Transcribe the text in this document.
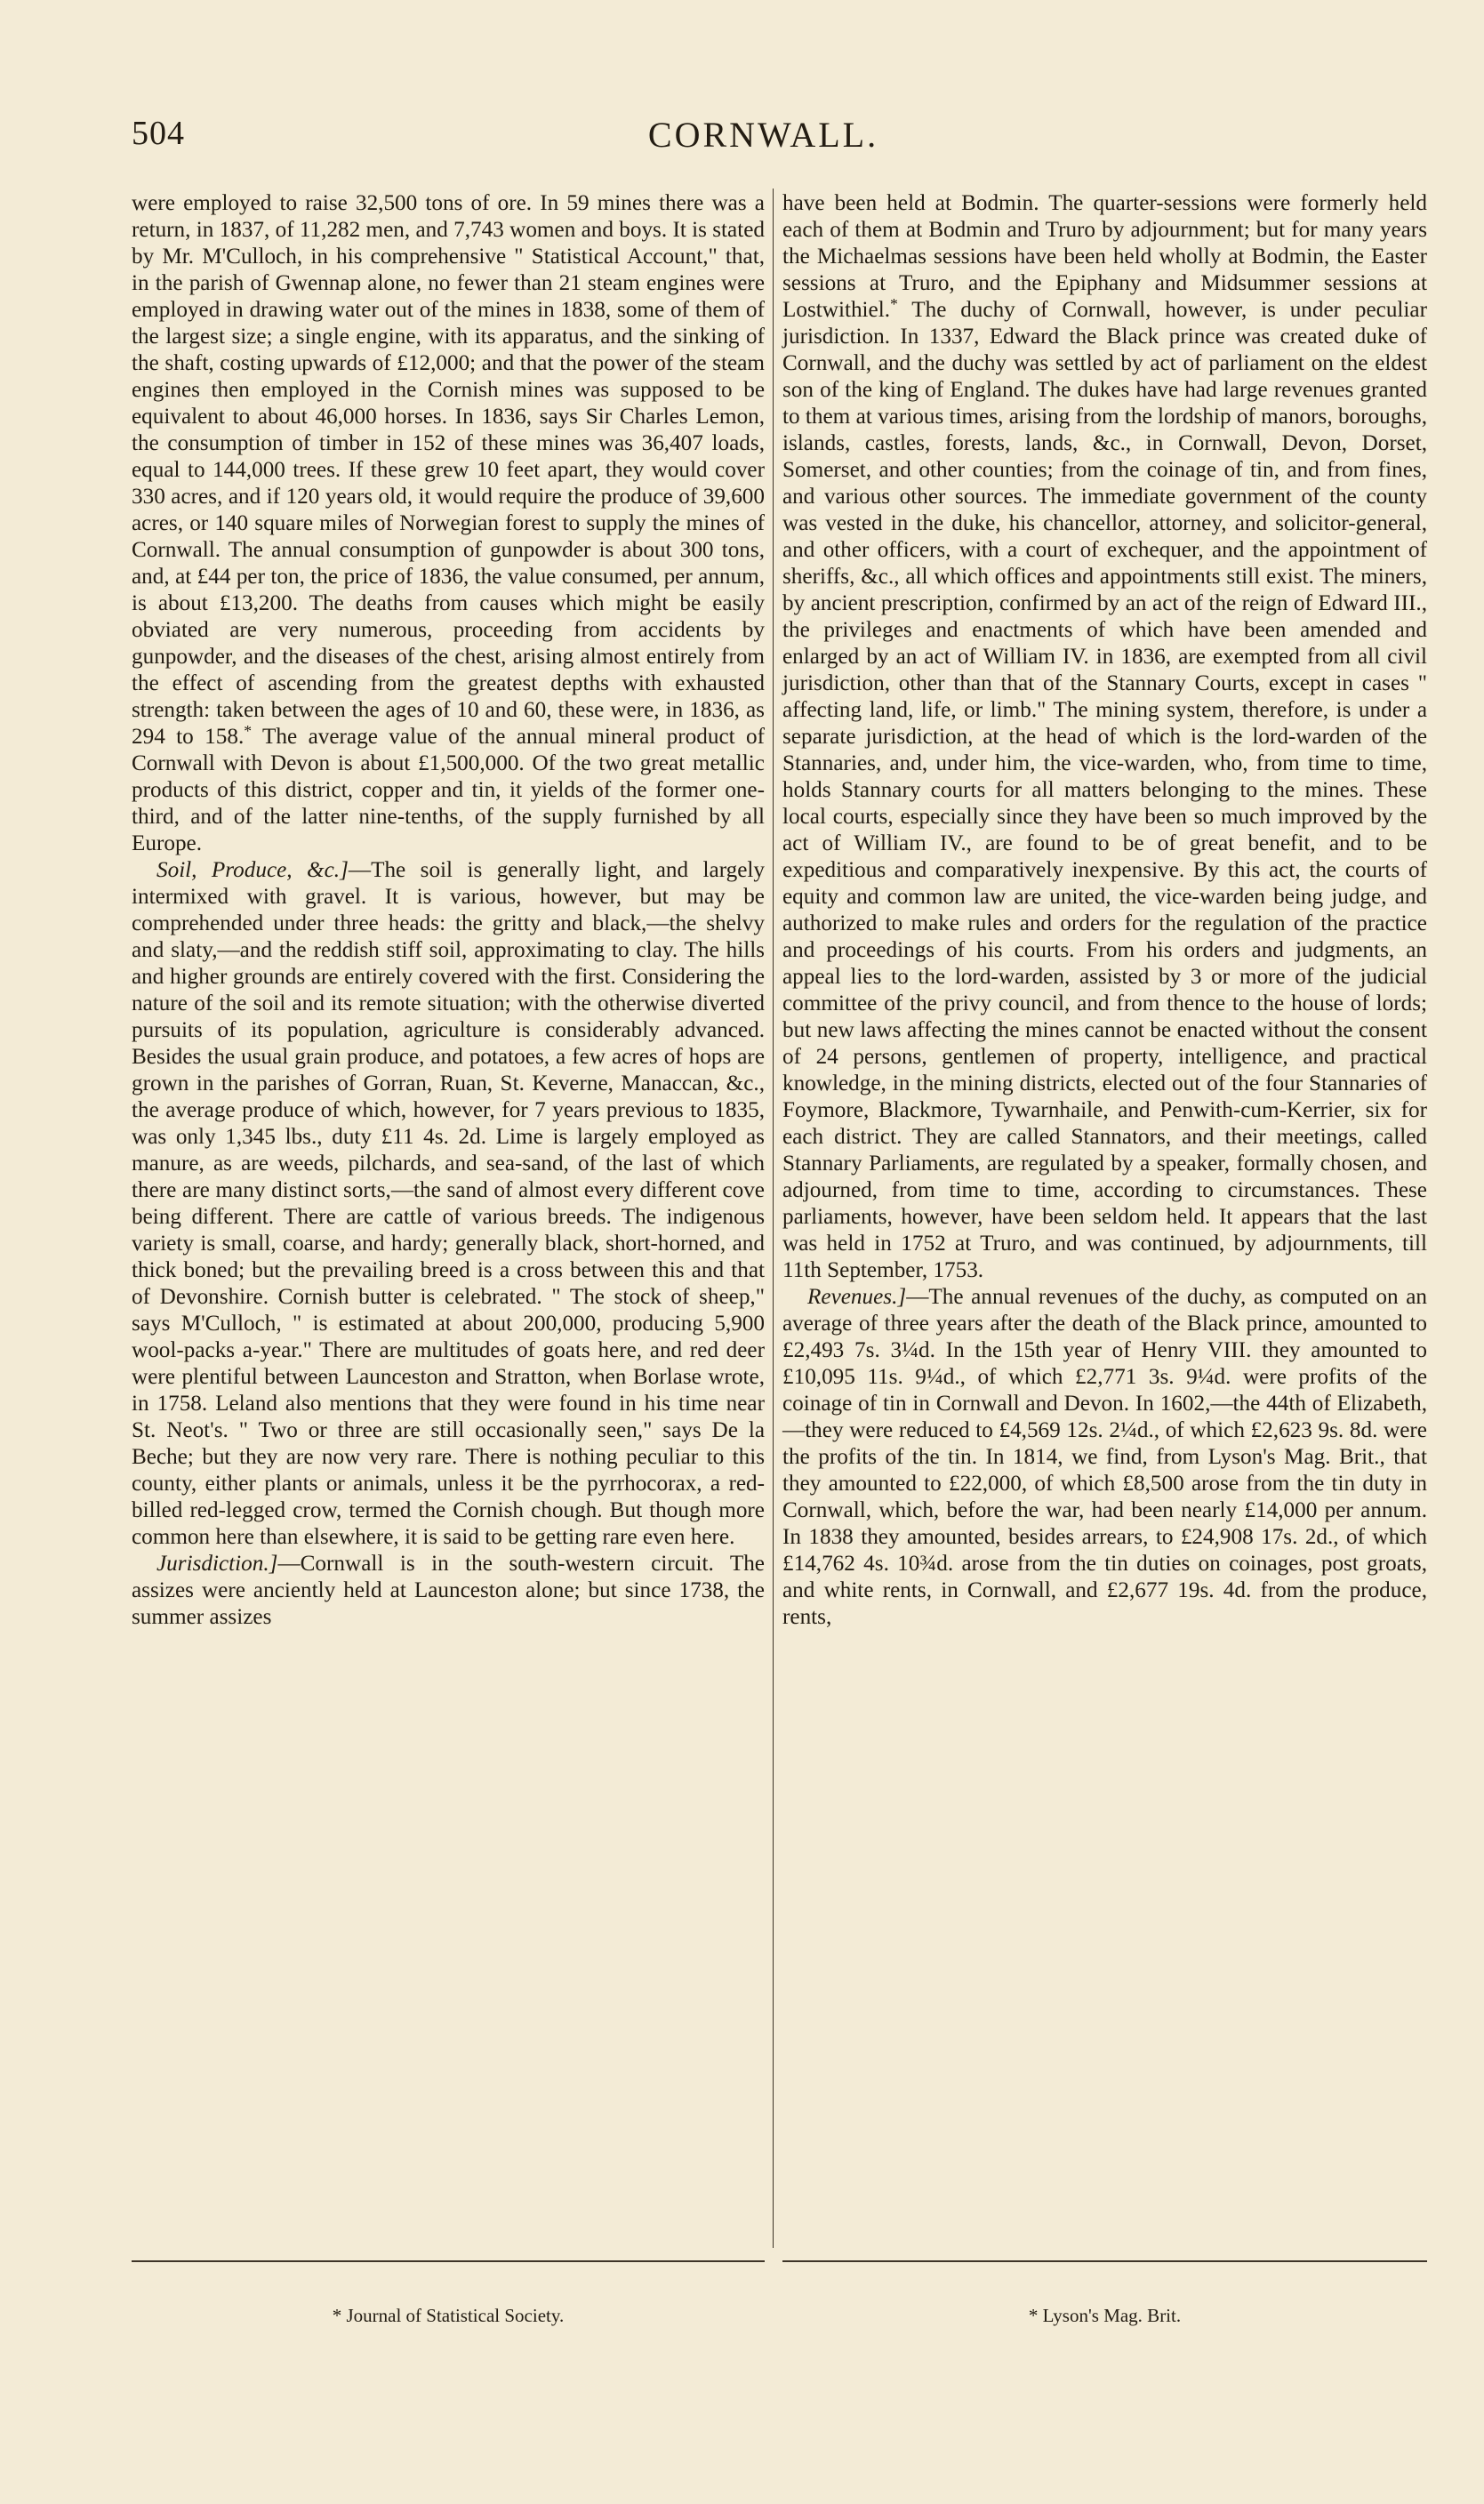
504	CORNWALL.

were employed to raise 32,500 tons of ore. In 59 mines there was a return, in 1837, of 11,282 men, and 7,743 women and boys. It is stated by Mr. M'Culloch, in his comprehensive " Statistical Account," that, in the parish of Gwennap alone, no fewer than 21 steam engines were employed in drawing water out of the mines in 1838, some of them of the largest size; a single engine, with its apparatus, and the sinking of the shaft, costing upwards of £12,000; and that the power of the steam engines then employed in the Cornish mines was supposed to be equivalent to about 46,000 horses. In 1836, says Sir Charles Lemon, the consumption of timber in 152 of these mines was 36,407 loads, equal to 144,000 trees. If these grew 10 feet apart, they would cover 330 acres, and if 120 years old, it would require the produce of 39,600 acres, or 140 square miles of Norwegian forest to supply the mines of Cornwall. The annual consumption of gunpowder is about 300 tons, and, at £44 per ton, the price of 1836, the value consumed, per annum, is about £13,200. The deaths from causes which might be easily obviated are very numerous, proceeding from accidents by gunpowder, and the diseases of the chest, arising almost entirely from the effect of ascending from the greatest depths with exhausted strength: taken between the ages of 10 and 60, these were, in 1836, as 294 to 158.* The average value of the annual mineral product of Cornwall with Devon is about £1,500,000. Of the two great metallic products of this district, copper and tin, it yields of the former one-third, and of the latter nine-tenths, of the supply furnished by all Europe.

Soil, Produce, &c.]—The soil is generally light, and largely intermixed with gravel. It is various, however, but may be comprehended under three heads: the gritty and black,—the shelvy and slaty,—and the reddish stiff soil, approximating to clay. The hills and higher grounds are entirely covered with the first. Considering the nature of the soil and its remote situation; with the otherwise diverted pursuits of its population, agriculture is considerably advanced. Besides the usual grain produce, and potatoes, a few acres of hops are grown in the parishes of Gorran, Ruan, St. Keverne, Manaccan, &c., the average produce of which, however, for 7 years previous to 1835, was only 1,345 lbs., duty £11 4s. 2d. Lime is largely employed as manure, as are weeds, pilchards, and sea-sand, of the last of which there are many distinct sorts,—the sand of almost every different cove being different. There are cattle of various breeds. The indigenous variety is small, coarse, and hardy; generally black, short-horned, and thick boned; but the prevailing breed is a cross between this and that of Devonshire. Cornish butter is celebrated. " The stock of sheep," says M'Culloch, " is estimated at about 200,000, producing 5,900 wool-packs a-year." There are multitudes of goats here, and red deer were plentiful between Launceston and Stratton, when Borlase wrote, in 1758. Leland also mentions that they were found in his time near St. Neot's. " Two or three are still occasionally seen," says De la Beche; but they are now very rare. There is nothing peculiar to this county, either plants or animals, unless it be the pyrrhocorax, a red-billed red-legged crow, termed the Cornish chough. But though more common here than elsewhere, it is said to be getting rare even here.

Jurisdiction.]—Cornwall is in the south-western circuit. The assizes were anciently held at Launceston alone; but since 1738, the summer assizes

have been held at Bodmin. The quarter-sessions were formerly held each of them at Bodmin and Truro by adjournment; but for many years the Michaelmas sessions have been held wholly at Bodmin, the Easter sessions at Truro, and the Epiphany and Midsummer sessions at Lostwithiel.* The duchy of Cornwall, however, is under peculiar jurisdiction. In 1337, Edward the Black prince was created duke of Cornwall, and the duchy was settled by act of parliament on the eldest son of the king of England. The dukes have had large revenues granted to them at various times, arising from the lordship of manors, boroughs, islands, castles, forests, lands, &c., in Cornwall, Devon, Dorset, Somerset, and other counties; from the coinage of tin, and from fines, and various other sources. The immediate government of the county was vested in the duke, his chancellor, attorney, and solicitor-general, and other officers, with a court of exchequer, and the appointment of sheriffs, &c., all which offices and appointments still exist. The miners, by ancient prescription, confirmed by an act of the reign of Edward III., the privileges and enactments of which have been amended and enlarged by an act of William IV. in 1836, are exempted from all civil jurisdiction, other than that of the Stannary Courts, except in cases " affecting land, life, or limb." The mining system, therefore, is under a separate jurisdiction, at the head of which is the lord-warden of the Stannaries, and, under him, the vice-warden, who, from time to time, holds Stannary courts for all matters belonging to the mines. These local courts, especially since they have been so much improved by the act of William IV., are found to be of great benefit, and to be expeditious and comparatively inexpensive. By this act, the courts of equity and common law are united, the vice-warden being judge, and authorized to make rules and orders for the regulation of the practice and proceedings of his courts. From his orders and judgments, an appeal lies to the lord-warden, assisted by 3 or more of the judicial committee of the privy council, and from thence to the house of lords; but new laws affecting the mines cannot be enacted without the consent of 24 persons, gentlemen of property, intelligence, and practical knowledge, in the mining districts, elected out of the four Stannaries of Foymore, Blackmore, Tywarnhaile, and Penwith-cum-Kerrier, six for each district. They are called Stannators, and their meetings, called Stannary Parliaments, are regulated by a speaker, formally chosen, and adjourned, from time to time, according to circumstances. These parliaments, however, have been seldom held. It appears that the last was held in 1752 at Truro, and was continued, by adjournments, till 11th September, 1753.

Revenues.]—The annual revenues of the duchy, as computed on an average of three years after the death of the Black prince, amounted to £2,493 7s. 3¼d. In the 15th year of Henry VIII. they amounted to £10,095 11s. 9¼d., of which £2,771 3s. 9¼d. were profits of the coinage of tin in Cornwall and Devon. In 1602,—the 44th of Elizabeth,—they were reduced to £4,569 12s. 2¼d., of which £2,623 9s. 8d. were the profits of the tin. In 1814, we find, from Lyson's Mag. Brit., that they amounted to £22,000, of which £8,500 arose from the tin duty in Cornwall, which, before the war, had been nearly £14,000 per annum. In 1838 they amounted, besides arrears, to £24,908 17s. 2d., of which £14,762 4s. 10¾d. arose from the tin duties on coinages, post groats, and white rents, in Cornwall, and £2,677 19s. 4d. from the produce, rents,

* Journal of Statistical Society.	* Lyson's Mag. Brit.
